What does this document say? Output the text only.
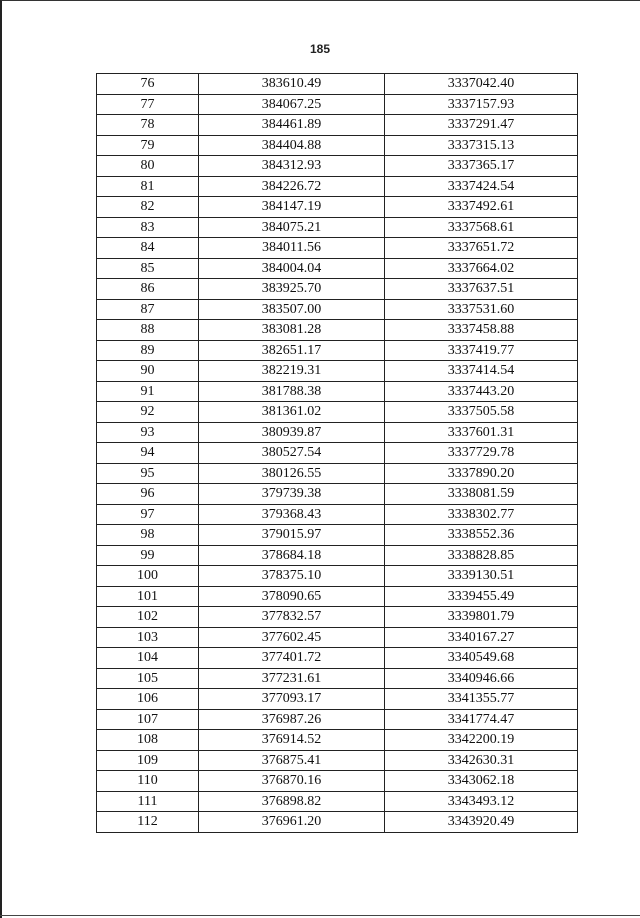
185
76	383610.49	3337042.40
77	384067.25	3337157.93
78	384461.89	3337291.47
79	384404.88	3337315.13
80	384312.93	3337365.17
81	384226.72	3337424.54
82	384147.19	3337492.61
83	384075.21	3337568.61
84	384011.56	3337651.72
85	384004.04	3337664.02
86	383925.70	3337637.51
87	383507.00	3337531.60
88	383081.28	3337458.88
89	382651.17	3337419.77
90	382219.31	3337414.54
91	381788.38	3337443.20
92	381361.02	3337505.58
93	380939.87	3337601.31
94	380527.54	3337729.78
95	380126.55	3337890.20
96	379739.38	3338081.59
97	379368.43	3338302.77
98	379015.97	3338552.36
99	378684.18	3338828.85
100	378375.10	3339130.51
101	378090.65	3339455.49
102	377832.57	3339801.79
103	377602.45	3340167.27
104	377401.72	3340549.68
105	377231.61	3340946.66
106	377093.17	3341355.77
107	376987.26	3341774.47
108	376914.52	3342200.19
109	376875.41	3342630.31
110	376870.16	3343062.18
111	376898.82	3343493.12
112	376961.20	3343920.49
